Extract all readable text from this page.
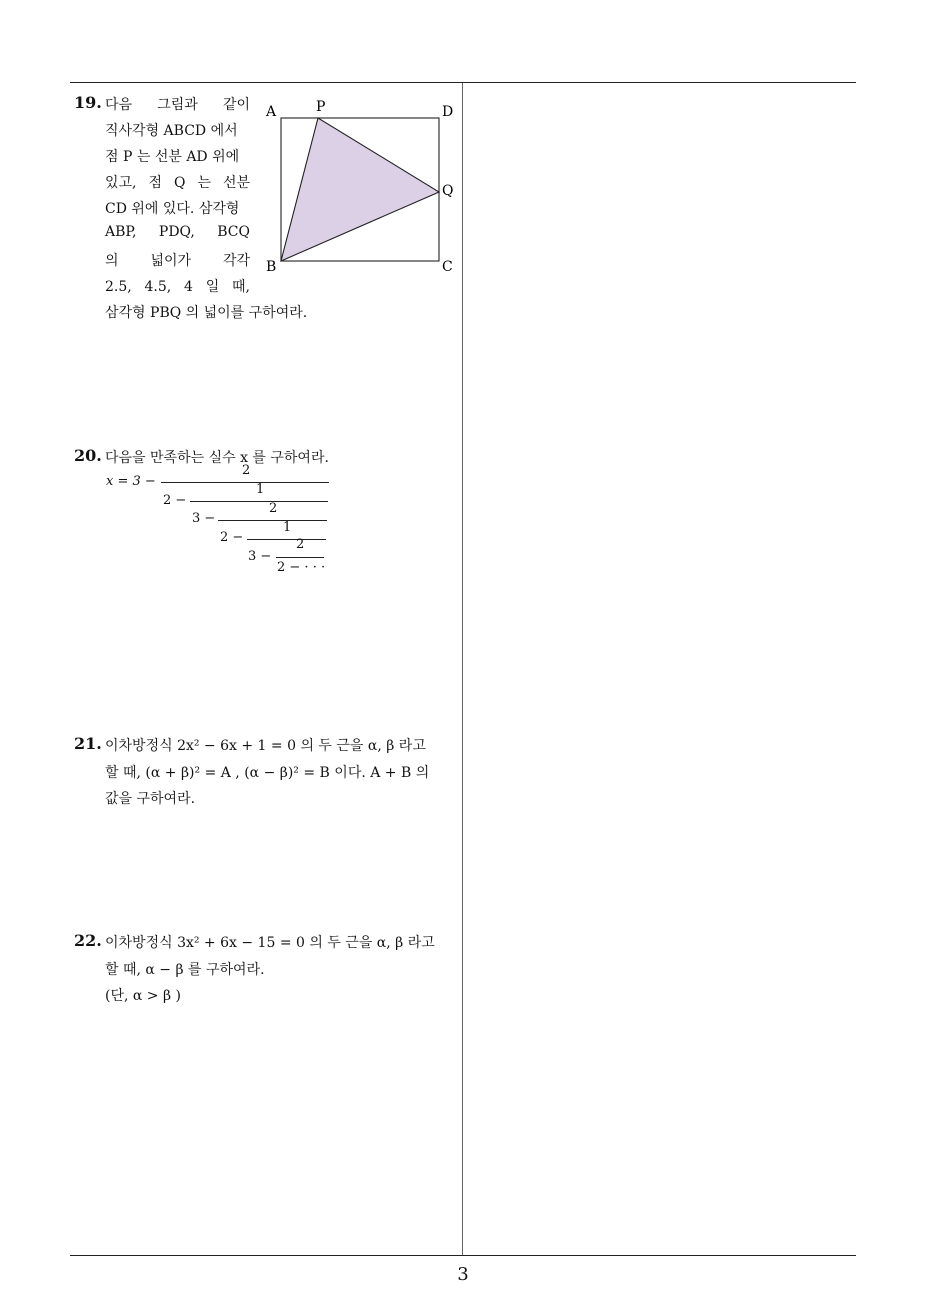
19. 다음 그림과 같이
직사각형 ABCD 에서
점 P 는 선분 AD 위에
있고, 점 Q 는 선분
CD 위에 있다. 삼각형
ABP, PDQ, BCQ
의 넓이가 각각
2.5, 4.5, 4 일 때,
삼각형 PBQ 의 넓이를 구하여라.
A	P	D
Q
B	C
20. 다음을 만족하는 실수 x 를 구하여라.
x = 3 −
2
2 −
1
3 −
2
2 −
1
3 −
2
2 − · · ·
21. 이차방정식 2x² − 6x + 1 = 0 의 두 근을 α, β 라고
할 때, (α + β)² = A , (α − β)² = B 이다. A + B 의
값을 구하여라.
22. 이차방정식 3x² + 6x − 15 = 0 의 두 근을 α, β 라고
할 때, α − β 를 구하여라.
(단, α > β )
3
